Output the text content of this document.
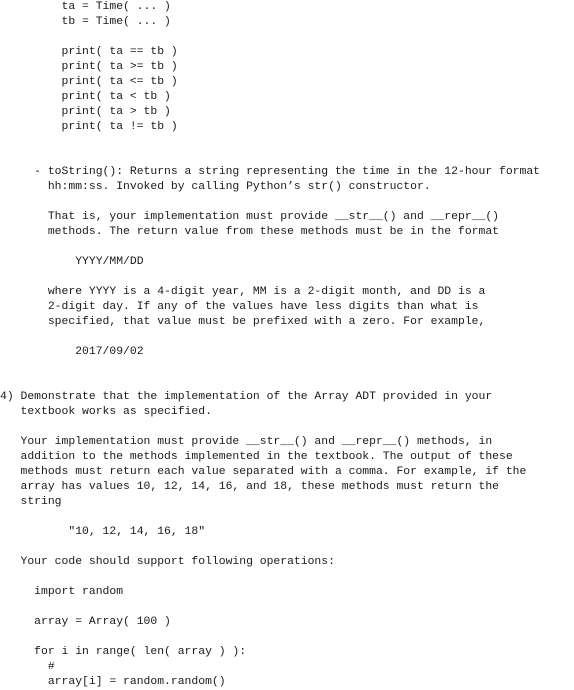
ta = Time( ... )
tb = Time( ... )
print( ta == tb )
print( ta >= tb )
print( ta <= tb )
print( ta < tb )
print( ta > tb )
print( ta != tb )
- toString(): Returns a string representing the time in the 12-hour format
hh:mm:ss. Invoked by calling Python’s str() constructor.
That is, your implementation must provide __str__() and __repr__()
methods. The return value from these methods must be in the format
YYYY/MM/DD
where YYYY is a 4-digit year, MM is a 2-digit month, and DD is a
2-digit day. If any of the values have less digits than what is
specified, that value must be prefixed with a zero. For example,
2017/09/02
4) Demonstrate that the implementation of the Array ADT provided in your
textbook works as specified.
Your implementation must provide __str__() and __repr__() methods, in
addition to the methods implemented in the textbook. The output of these
methods must return each value separated with a comma. For example, if the
array has values 10, 12, 14, 16, and 18, these methods must return the
string
"10, 12, 14, 16, 18"
Your code should support following operations:
import random
array = Array( 100 )
for i in range( len( array ) ):
#
array[i] = random.random()
